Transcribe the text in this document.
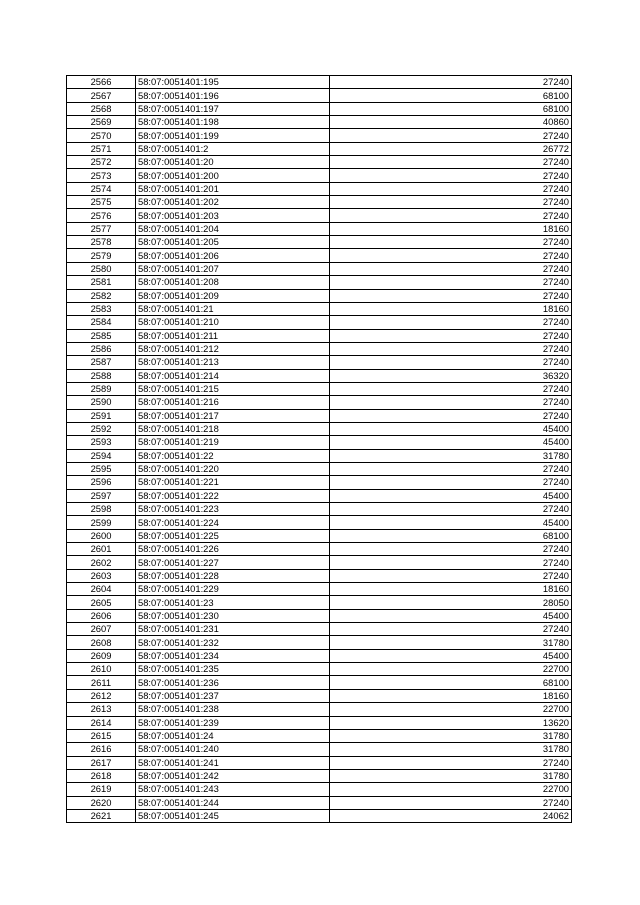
2566	58:07:0051401:195	27240
2567	58:07:0051401:196	68100
2568	58:07:0051401:197	68100
2569	58:07:0051401:198	40860
2570	58:07:0051401:199	27240
2571	58:07:0051401:2	26772
2572	58:07:0051401:20	27240
2573	58:07:0051401:200	27240
2574	58:07:0051401:201	27240
2575	58:07:0051401:202	27240
2576	58:07:0051401:203	27240
2577	58:07:0051401:204	18160
2578	58:07:0051401:205	27240
2579	58:07:0051401:206	27240
2580	58:07:0051401:207	27240
2581	58:07:0051401:208	27240
2582	58:07:0051401:209	27240
2583	58:07:0051401:21	18160
2584	58:07:0051401:210	27240
2585	58:07:0051401:211	27240
2586	58:07:0051401:212	27240
2587	58:07:0051401:213	27240
2588	58:07:0051401:214	36320
2589	58:07:0051401:215	27240
2590	58:07:0051401:216	27240
2591	58:07:0051401:217	27240
2592	58:07:0051401:218	45400
2593	58:07:0051401:219	45400
2594	58:07:0051401:22	31780
2595	58:07:0051401:220	27240
2596	58:07:0051401:221	27240
2597	58:07:0051401:222	45400
2598	58:07:0051401:223	27240
2599	58:07:0051401:224	45400
2600	58:07:0051401:225	68100
2601	58:07:0051401:226	27240
2602	58:07:0051401:227	27240
2603	58:07:0051401:228	27240
2604	58:07:0051401:229	18160
2605	58:07:0051401:23	28050
2606	58:07:0051401:230	45400
2607	58:07:0051401:231	27240
2608	58:07:0051401:232	31780
2609	58:07:0051401:234	45400
2610	58:07:0051401:235	22700
2611	58:07:0051401:236	68100
2612	58:07:0051401:237	18160
2613	58:07:0051401:238	22700
2614	58:07:0051401:239	13620
2615	58:07:0051401:24	31780
2616	58:07:0051401:240	31780
2617	58:07:0051401:241	27240
2618	58:07:0051401:242	31780
2619	58:07:0051401:243	22700
2620	58:07:0051401:244	27240
2621	58:07:0051401:245	24062
